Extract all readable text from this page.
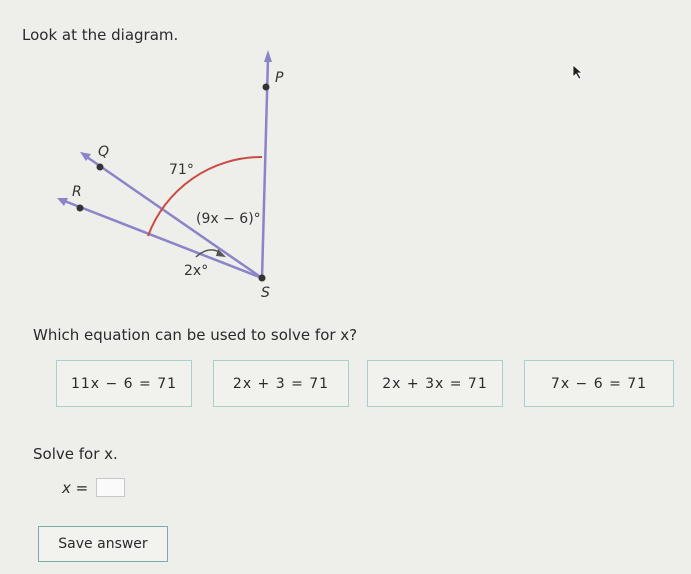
Look at the diagram.
P
Q
R
S
71°
(9x − 6)°
2x°
Which equation can be used to solve for x?
11x − 6 = 71	2x + 3 = 71	2x + 3x = 71	7x − 6 = 71
Solve for x.
x =
Save answer
